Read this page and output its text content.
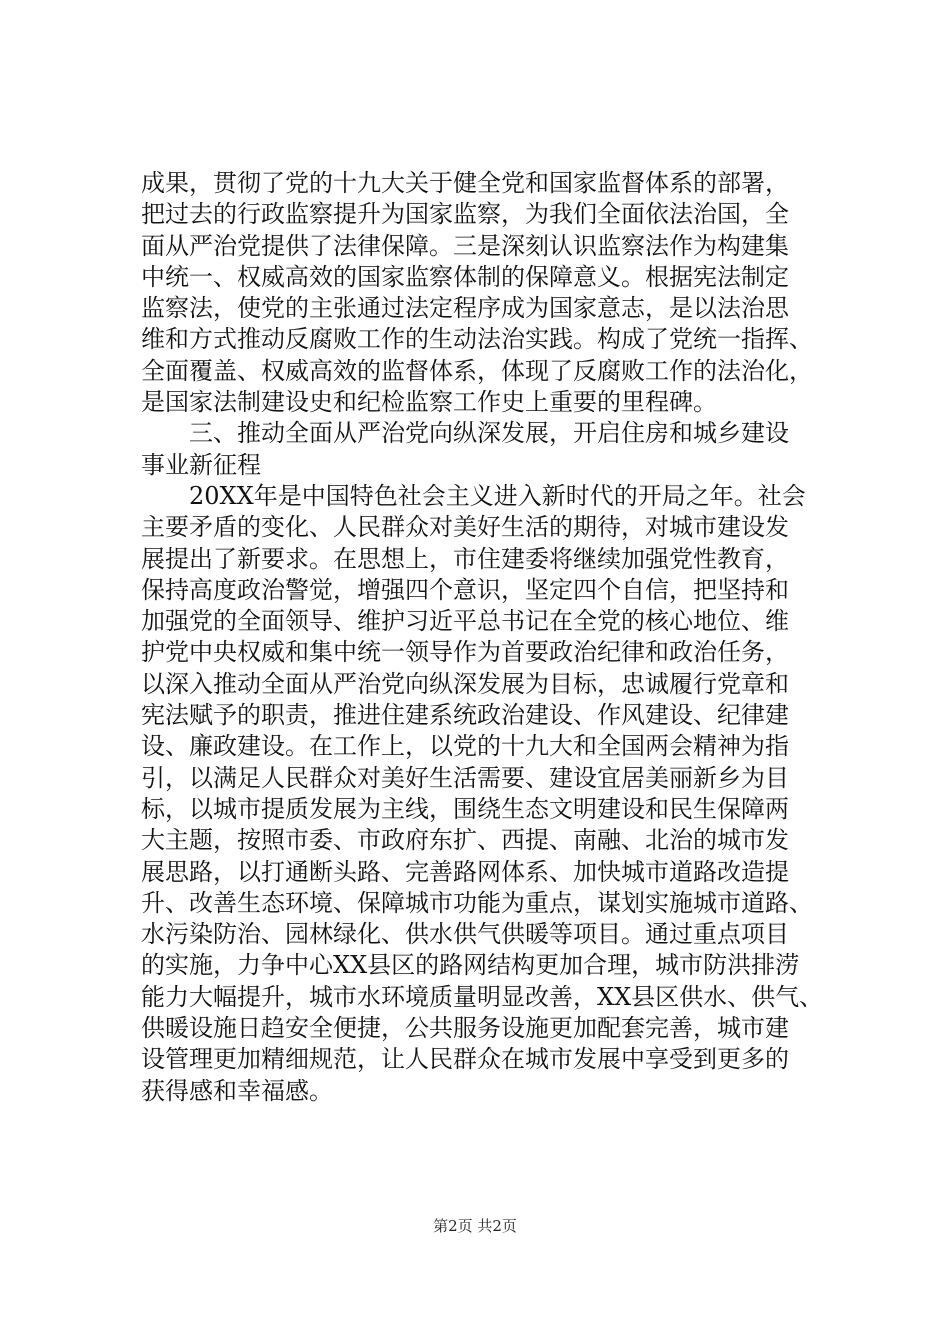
成果，贯彻了党的十九大关于健全党和国家监督体系的部署，
把过去的行政监察提升为国家监察，为我们全面依法治国，全
面从严治党提供了法律保障。三是深刻认识监察法作为构建集
中统一、权威高效的国家监察体制的保障意义。根据宪法制定
监察法，使党的主张通过法定程序成为国家意志，是以法治思
维和方式推动反腐败工作的生动法治实践。构成了党统一指挥、
全面覆盖、权威高效的监督体系，体现了反腐败工作的法治化，
是国家法制建设史和纪检监察工作史上重要的里程碑。
　　三、推动全面从严治党向纵深发展，开启住房和城乡建设
事业新征程
　　20XX年是中国特色社会主义进入新时代的开局之年。社会
主要矛盾的变化、人民群众对美好生活的期待，对城市建设发
展提出了新要求。在思想上，市住建委将继续加强党性教育，
保持高度政治警觉，增强四个意识，坚定四个自信，把坚持和
加强党的全面领导、维护习近平总书记在全党的核心地位、维
护党中央权威和集中统一领导作为首要政治纪律和政治任务，
以深入推动全面从严治党向纵深发展为目标，忠诚履行党章和
宪法赋予的职责，推进住建系统政治建设、作风建设、纪律建
设、廉政建设。在工作上，以党的十九大和全国两会精神为指
引，以满足人民群众对美好生活需要、建设宜居美丽新乡为目
标，以城市提质发展为主线，围绕生态文明建设和民生保障两
大主题，按照市委、市政府东扩、西提、南融、北治的城市发
展思路，以打通断头路、完善路网体系、加快城市道路改造提
升、改善生态环境、保障城市功能为重点，谋划实施城市道路、
水污染防治、园林绿化、供水供气供暖等项目。通过重点项目
的实施，力争中心XX县区的路网结构更加合理，城市防洪排涝
能力大幅提升，城市水环境质量明显改善，XX县区供水、供气、
供暖设施日趋安全便捷，公共服务设施更加配套完善，城市建
设管理更加精细规范，让人民群众在城市发展中享受到更多的
获得感和幸福感。
第2页 共2页
